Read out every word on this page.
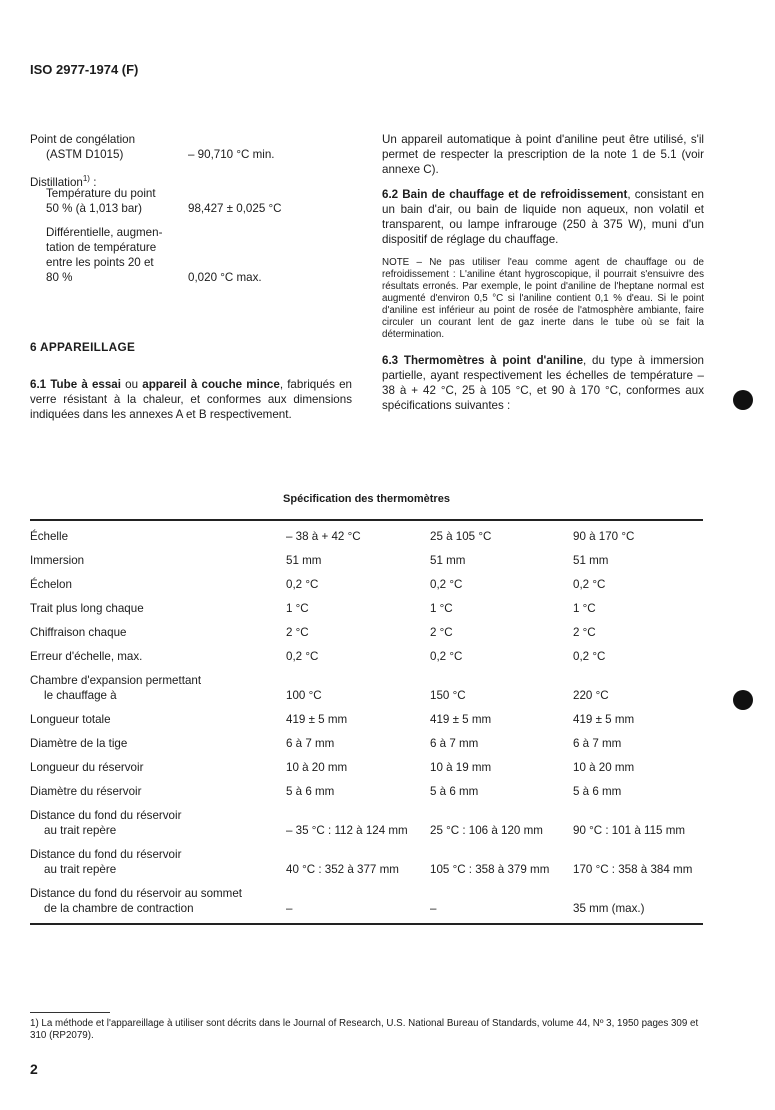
ISO 2977-1974 (F)
Point de congélation
(ASTM D1015)	– 90,710 °C min.
Distillation$^{1)}$ :
Température du point
50 % (à 1,013 bar)	98,427 ± 0,025 °C
Différentielle, augmen-
tation de température
entre les points 20 et
80 %	0,020 °C max.
6 APPAREILLAGE
6.1 Tube à essai ou appareil à couche mince, fabriqués en verre résistant à la chaleur, et conformes aux dimensions indiquées dans les annexes A et B respectivement.

Un appareil automatique à point d'aniline peut être utilisé, s'il permet de respecter la prescription de la note 1 de 5.1 (voir annexe C).

6.2 Bain de chauffage et de refroidissement, consistant en un bain d'air, ou bain de liquide non aqueux, non volatil et transparent, ou lampe infrarouge (250 à 375 W), muni d'un dispositif de réglage du chauffage.

NOTE – Ne pas utiliser l'eau comme agent de chauffage ou de refroidissement : L'aniline étant hygroscopique, il pourrait s'ensuivre des résultats erronés. Par exemple, le point d'aniline de l'heptane normal est augmenté d'environ 0,5 °C si l'aniline contient 0,1 % d'eau. Si le point d'aniline est inférieur au point de rosée de l'atmosphère ambiante, faire circuler un courant lent de gaz inerte dans le tube où se fait la détermination.

6.3 Thermomètres à point d'aniline, du type à immersion partielle, ayant respectivement les échelles de température – 38 à + 42 °C, 25 à 105 °C, et 90 à 170 °C, conformes aux spécifications suivantes :

Spécification des thermomètres
Échelle	– 38 à + 42 °C	25 à 105 °C	90 à 170 °C
Immersion	51 mm	51 mm	51 mm
Échelon	0,2 °C	0,2 °C	0,2 °C
Trait plus long chaque	1 °C	1 °C	1 °C
Chiffraison chaque	2 °C	2 °C	2 °C
Erreur d'échelle, max.	0,2 °C	0,2 °C	0,2 °C
Chambre d'expansion permettant
le chauffage à	100 °C	150 °C	220 °C
Longueur totale	419 ± 5 mm	419 ± 5 mm	419 ± 5 mm
Diamètre de la tige	6 à 7 mm	6 à 7 mm	6 à 7 mm
Longueur du réservoir	10 à 20 mm	10 à 19 mm	10 à 20 mm
Diamètre du réservoir	5 à 6 mm	5 à 6 mm	5 à 6 mm
Distance du fond du réservoir
au trait repère	– 35 °C : 112 à 124 mm	25 °C : 106 à 120 mm	90 °C : 101 à 115 mm
Distance du fond du réservoir
au trait repère	40 °C : 352 à 377 mm	105 °C : 358 à 379 mm	170 °C : 358 à 384 mm
Distance du fond du réservoir au sommet
de la chambre de contraction	–	–	35 mm (max.)
1) La méthode et l'appareillage à utiliser sont décrits dans le Journal of Research, U.S. National Bureau of Standards, volume 44, Nº 3, 1950 pages 309 et 310 (RP2079).
2
